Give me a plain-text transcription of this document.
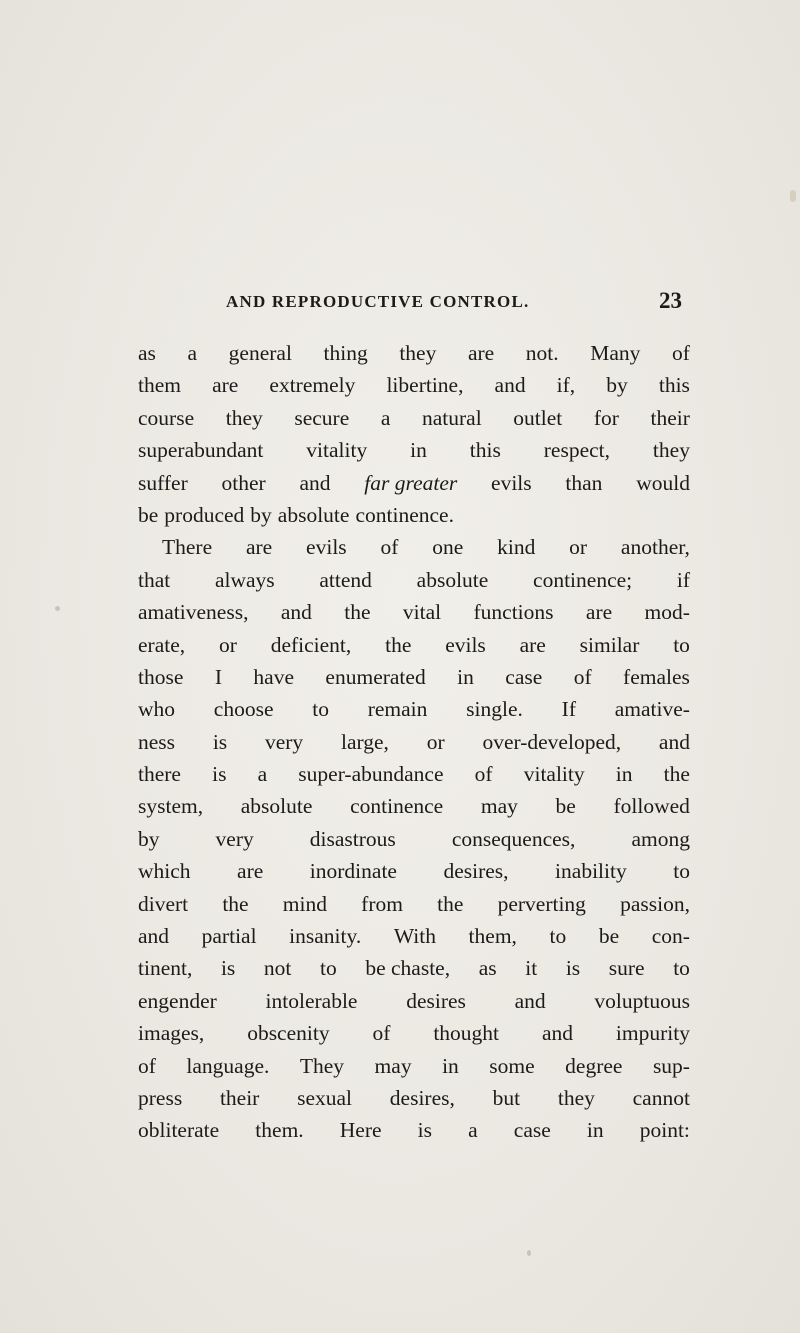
AND REPRODUCTIVE CONTROL.	23
as a general thing they are not. Many of
them are extremely libertine, and if, by this
course they secure a natural outlet for their
superabundant vitality in this respect, they
suffer other and far greater evils than would
be produced by absolute continence.
There are evils of one kind or another,
that always attend absolute continence; if
amativeness, and the vital functions are mod-
erate, or deficient, the evils are similar to
those I have enumerated in case of females
who choose to remain single. If amative-
ness is very large, or over-developed, and
there is a super-abundance of vitality in the
system, absolute continence may be followed
by	very	disastrous	consequences,	among
which are inordinate desires, inability to
divert the mind from the perverting passion,
and partial insanity. With them, to be con-
tinent, is not to be chaste, as it is sure to
engender intolerable desires and voluptuous
images, obscenity of thought and impurity
of language. They may in some degree sup-
press their sexual desires, but they cannot
obliterate them. Here is a case in point:
